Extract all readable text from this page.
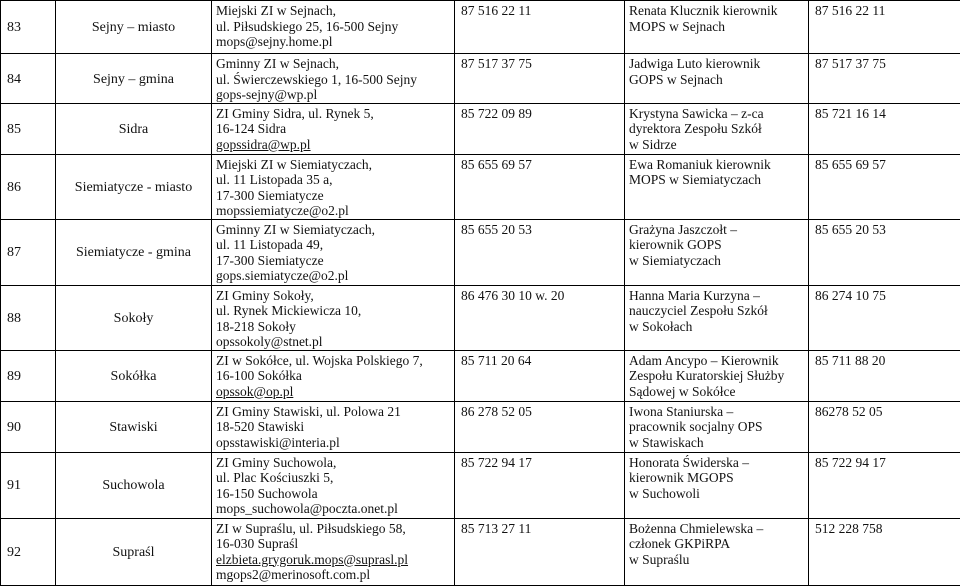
83	Sejny – miasto	Miejski ZI w Sejnach,
ul. Piłsudskiego 25, 16-500 Sejny
mops@sejny.home.pl	87 516 22 11	Renata Klucznik kierownik
MOPS w Sejnach	87 516 22 11
84	Sejny – gmina	Gminny ZI w Sejnach,
ul. Świerczewskiego 1, 16-500 Sejny
gops-sejny@wp.pl	87 517 37 75	Jadwiga Luto kierownik
GOPS w Sejnach	87 517 37 75
85	Sidra	ZI Gminy Sidra, ul. Rynek 5,
16-124 Sidra
gopssidra@wp.pl	85 722 09 89	Krystyna Sawicka – z-ca
dyrektora Zespołu Szkół
w Sidrze	85 721 16 14
86	Siemiatycze - miasto	Miejski ZI w Siemiatyczach,
ul. 11 Listopada 35 a,
17-300 Siemiatycze
mopssiemiatycze@o2.pl	85 655 69 57	Ewa Romaniuk kierownik
MOPS w Siemiatyczach	85 655 69 57
87	Siemiatycze - gmina	Gminny ZI w Siemiatyczach,
ul. 11 Listopada 49,
17-300 Siemiatycze
gops.siemiatycze@o2.pl	85 655 20 53	Grażyna Jaszczołt –
kierownik GOPS
w Siemiatyczach	85 655 20 53
88	Sokoły	ZI Gminy Sokoły,
ul. Rynek Mickiewicza 10,
18-218 Sokoły
opssokoly@stnet.pl	86 476 30 10 w. 20	Hanna Maria Kurzyna –
nauczyciel Zespołu Szkół
w Sokołach	86 274 10 75
89	Sokółka	ZI w Sokółce, ul. Wojska Polskiego 7,
16-100 Sokółka
opssok@op.pl	85 711 20 64	Adam Ancypo – Kierownik
Zespołu Kuratorskiej Służby
Sądowej w Sokółce	85 711 88 20
90	Stawiski	ZI Gminy Stawiski, ul. Polowa 21
18-520 Stawiski
opsstawiski@interia.pl	86 278 52 05	Iwona Staniurska –
pracownik socjalny OPS
w Stawiskach	86278 52 05
91	Suchowola	ZI Gminy Suchowola,
ul. Plac Kościuszki 5,
16-150 Suchowola
mops_suchowola@poczta.onet.pl	85 722 94 17	Honorata Świderska –
kierownik MGOPS
w Suchowoli	85 722 94 17
92	Supraśl	ZI w Supraślu, ul. Piłsudskiego 58,
16-030 Supraśl
elzbieta.grygoruk.mops@suprasl.pl
mgops2@merinosoft.com.pl	85 713 27 11	Bożenna Chmielewska –
członek GKPiRPA
w Supraślu	512 228 758
